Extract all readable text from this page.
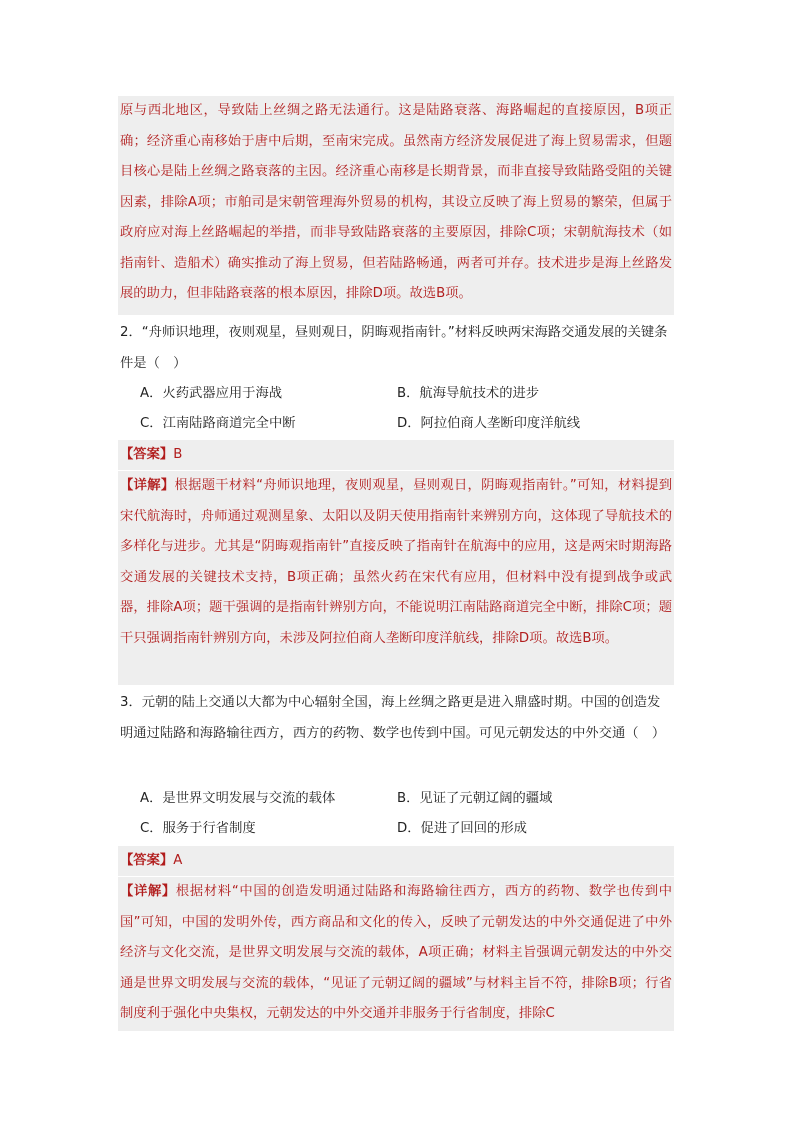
原与西北地区，导致陆上丝绸之路无法通行。这是陆路衰落、海路崛起的直接原因，B项正确；经济重心南移始于唐中后期，至南宋完成。虽然南方经济发展促进了海上贸易需求，但题目核心是陆上丝绸之路衰落的主因。经济重心南移是长期背景，而非直接导致陆路受阻的关键因素，排除A项；市舶司是宋朝管理海外贸易的机构，其设立反映了海上贸易的繁荣，但属于政府应对海上丝路崛起的举措，而非导致陆路衰落的主要原因，排除C项；宋朝航海技术（如指南针、造船术）确实推动了海上贸易，但若陆路畅通，两者可并存。技术进步是海上丝路发展的助力，但非陆路衰落的根本原因，排除D项。故选B项。

2．“舟师识地理，夜则观星，昼则观日，阴晦观指南针。”材料反映两宋海路交通发展的关键条件是（　）

A．火药武器应用于海战	B．航海导航技术的进步
C．江南陆路商道完全中断	D．阿拉伯商人垄断印度洋航线

【答案】B

【详解】根据题干材料“舟师识地理，夜则观星，昼则观日，阴晦观指南针。”可知，材料提到宋代航海时，舟师通过观测星象、太阳以及阴天使用指南针来辨别方向，这体现了导航技术的多样化与进步。尤其是“阴晦观指南针”直接反映了指南针在航海中的应用，这是两宋时期海路交通发展的关键技术支持，B项正确；虽然火药在宋代有应用，但材料中没有提到战争或武器，排除A项；题干强调的是指南针辨别方向，不能说明江南陆路商道完全中断，排除C项；题干只强调指南针辨别方向，未涉及阿拉伯商人垄断印度洋航线，排除D项。故选B项。

3．元朝的陆上交通以大都为中心辐射全国，海上丝绸之路更是进入鼎盛时期。中国的创造发明通过陆路和海路输往西方，西方的药物、数学也传到中国。可见元朝发达的中外交通（　）

A．是世界文明发展与交流的载体	B．见证了元朝辽阔的疆域
C．服务于行省制度	D．促进了回回的形成

【答案】A

【详解】根据材料“中国的创造发明通过陆路和海路输往西方，西方的药物、数学也传到中国”可知，中国的发明外传，西方商品和文化的传入，反映了元朝发达的中外交通促进了中外经济与文化交流，是世界文明发展与交流的载体，A项正确；材料主旨强调元朝发达的中外交通是世界文明发展与交流的载体，“见证了元朝辽阔的疆域”与材料主旨不符，排除B项；行省制度利于强化中央集权，元朝发达的中外交通并非服务于行省制度，排除C
